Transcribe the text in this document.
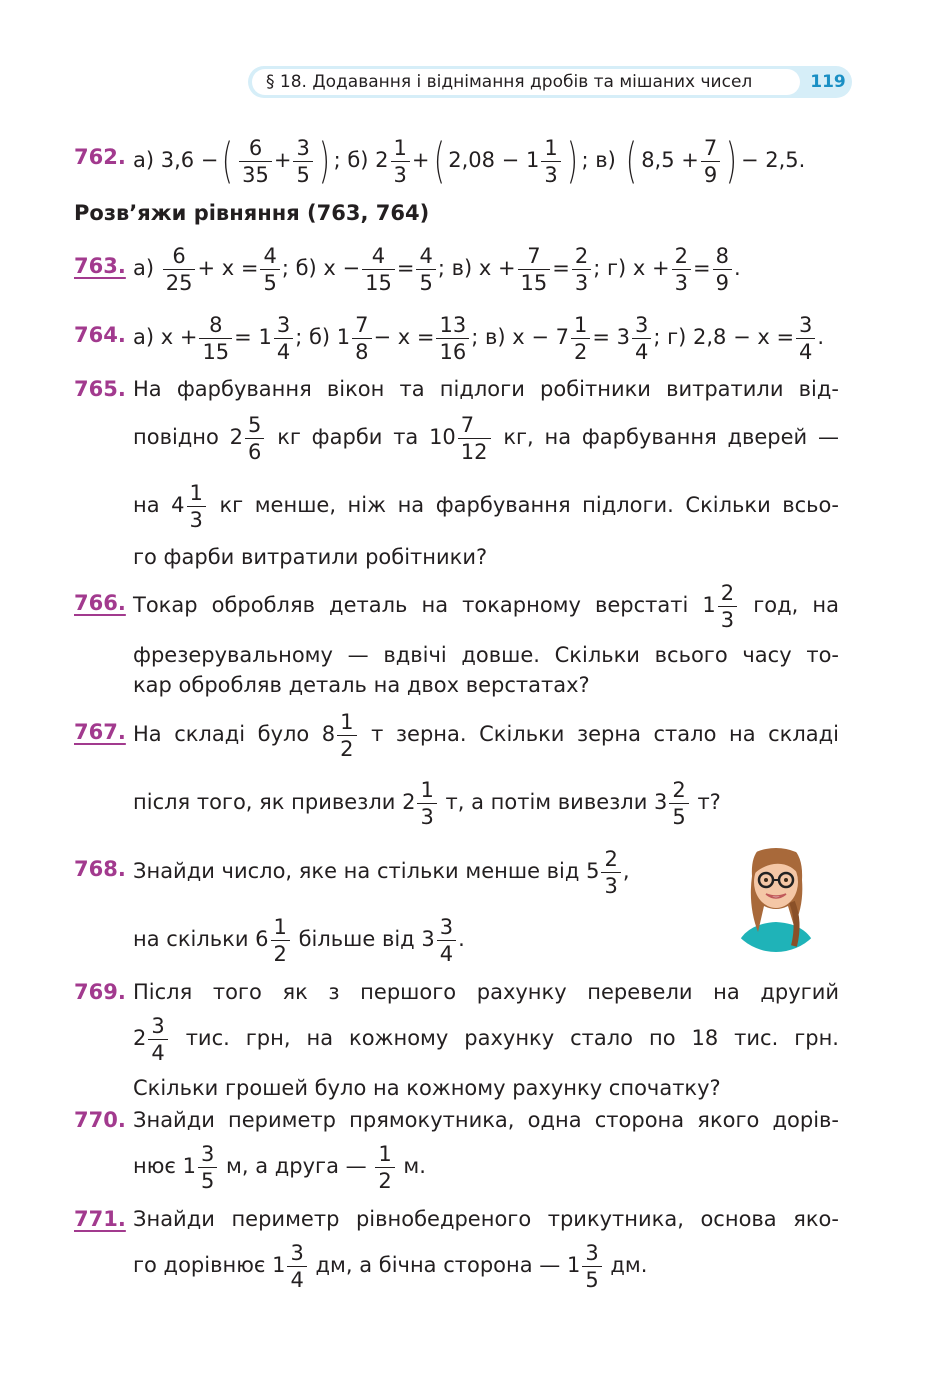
§ 18. Додавання і віднімання дробів та мішаних чисел	119
762. а) 3,6 −( $\frac{6}{35} + \frac{3}{5}$ ) ; б) $2 \frac{1}{3}$ +( $2,08 - 1 \frac{1}{3}$ ) ; в) ( $8,5 + \frac{7}{9}$ ) − 2,5.
Розв’яжи рівняння (763, 764)
763. $а) \frac{6}{25} + x = \frac{4}{5}$ ; б) $x - \frac{4}{15} = \frac{4}{5}$ ; в) $x + \frac{7}{15} = \frac{2}{3}$ ; г) $x + \frac{2}{3} = \frac{8}{9}$ .
764. а) $x + \frac{8}{15} = 1 \frac{3}{4}$ ; б) $1 \frac{7}{8} - x = \frac{13}{16}$ ; в) $x - 7 \frac{1}{2} = 3 \frac{3}{4}$ ; г) $2,8 - x = \frac{3}{4}$ .
765. На фарбування вікон та підлоги робітники витратили від-
повідно $2 \frac{5}{6}$ кг фарби та $10 \frac{7}{12}$ кг, на фарбування дверей —
на $4 \frac{1}{3}$ кг менше, ніж на фарбування підлоги. Скільки всьо-
го фарби витратили робітники?
766. Токар обробляв деталь на токарному верстаті $1 \frac{2}{3}$ год, на
фрезерувальному — вдвічі довше. Скільки всього часу то-
кар обробляв деталь на двох верстатах?
767. На складі було $8 \frac{1}{2}$ т зерна. Скільки зерна стало на складі
після того, як привезли $2 \frac{1}{3} т$, а потім вивезли $3 \frac{2}{5} т$?
768. Знайди число, яке на стільки менше від $5 \frac{2}{3}$ ,
на скільки $6 \frac{1}{2}$ більше від $3 \frac{3}{4}$ .
769. Після того як з першого рахунку перевели на другий
$2 \frac{3}{4}$ тис. грн, на кожному рахунку стало по 18 тис. грн.
Скільки грошей було на кожному рахунку спочатку?
770. Знайди периметр прямокутника, одна сторона якого дорів-
нює $1 \frac{3}{5} м$, а друга — $\frac{1}{2} м$.
771. Знайди периметр рівнобедреного трикутника, основа яко-
го дорівнює $1 \frac{3}{4}$ дм, а бічна сторона — $1 \frac{3}{5}$ дм.
